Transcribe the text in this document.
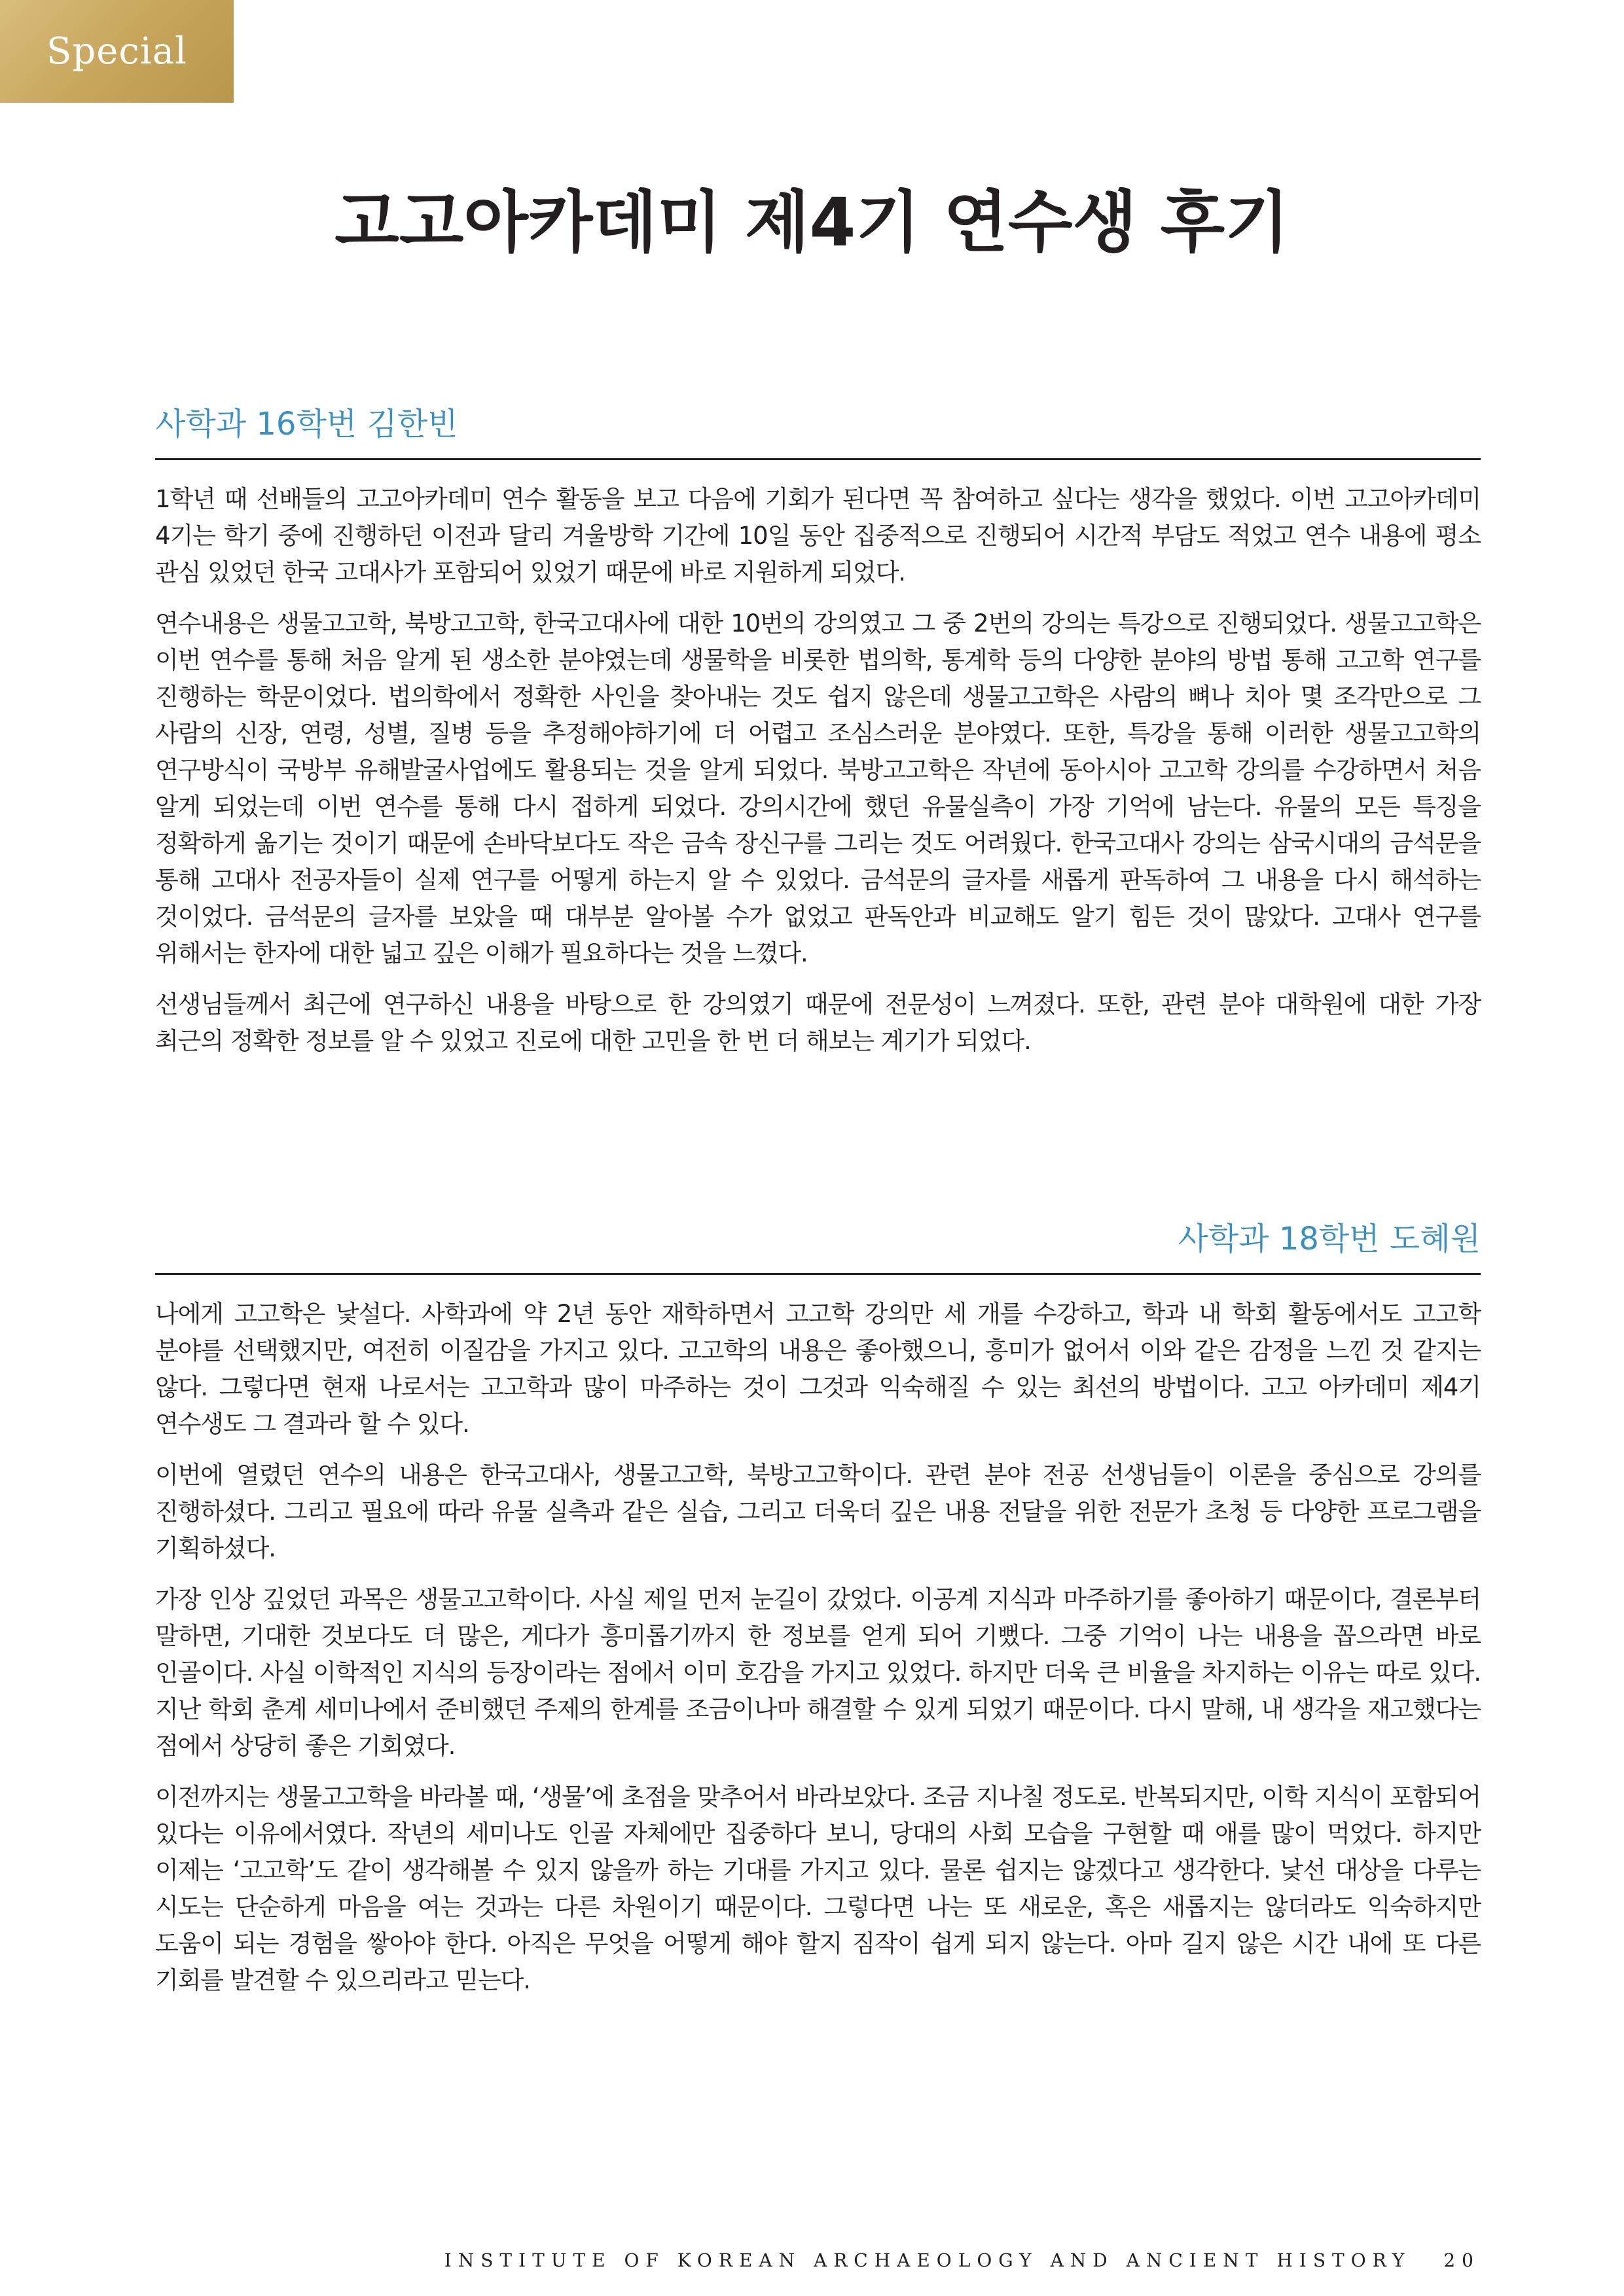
Special
고고아카데미 제4기 연수생 후기
사학과 16학번 김한빈

1학년 때 선배들의 고고아카데미 연수 활동을 보고 다음에 기회가 된다면 꼭 참여하고 싶다는 생각을 했었다. 이번 고고아카데미 4기는 학기 중에 진행하던 이전과 달리 겨울방학 기간에 10일 동안 집중적으로 진행되어 시간적 부담도 적었고 연수 내용에 평소 관심 있었던 한국 고대사가 포함되어 있었기 때문에 바로 지원하게 되었다.

연수내용은 생물고고학, 북방고고학, 한국고대사에 대한 10번의 강의였고 그 중 2번의 강의는 특강으로 진행되었다. 생물고고학은 이번 연수를 통해 처음 알게 된 생소한 분야였는데 생물학을 비롯한 법의학, 통계학 등의 다양한 분야의 방법 통해 고고학 연구를 진행하는 학문이었다. 법의학에서 정확한 사인을 찾아내는 것도 쉽지 않은데 생물고고학은 사람의 뼈나 치아 몇 조각만으로 그 사람의 신장, 연령, 성별, 질병 등을 추정해야하기에 더 어렵고 조심스러운 분야였다. 또한, 특강을 통해 이러한 생물고고학의 연구방식이 국방부 유해발굴사업에도 활용되는 것을 알게 되었다. 북방고고학은 작년에 동아시아 고고학 강의를 수강하면서 처음 알게 되었는데 이번 연수를 통해 다시 접하게 되었다. 강의시간에 했던 유물실측이 가장 기억에 남는다. 유물의 모든 특징을 정확하게 옮기는 것이기 때문에 손바닥보다도 작은 금속 장신구를 그리는 것도 어려웠다. 한국고대사 강의는 삼국시대의 금석문을 통해 고대사 전공자들이 실제 연구를 어떻게 하는지 알 수 있었다. 금석문의 글자를 새롭게 판독하여 그 내용을 다시 해석하는 것이었다. 금석문의 글자를 보았을 때 대부분 알아볼 수가 없었고 판독안과 비교해도 알기 힘든 것이 많았다. 고대사 연구를 위해서는 한자에 대한 넓고 깊은 이해가 필요하다는 것을 느꼈다.

선생님들께서 최근에 연구하신 내용을 바탕으로 한 강의였기 때문에 전문성이 느껴졌다. 또한, 관련 분야 대학원에 대한 가장 최근의 정확한 정보를 알 수 있었고 진로에 대한 고민을 한 번 더 해보는 계기가 되었다.

사학과 18학번 도혜원

나에게 고고학은 낯설다. 사학과에 약 2년 동안 재학하면서 고고학 강의만 세 개를 수강하고, 학과 내 학회 활동에서도 고고학 분야를 선택했지만, 여전히 이질감을 가지고 있다. 고고학의 내용은 좋아했으니, 흥미가 없어서 이와 같은 감정을 느낀 것 같지는 않다. 그렇다면 현재 나로서는 고고학과 많이 마주하는 것이 그것과 익숙해질 수 있는 최선의 방법이다. 고고 아카데미 제4기 연수생도 그 결과라 할 수 있다.

이번에 열렸던 연수의 내용은 한국고대사, 생물고고학, 북방고고학이다. 관련 분야 전공 선생님들이 이론을 중심으로 강의를 진행하셨다. 그리고 필요에 따라 유물 실측과 같은 실습, 그리고 더욱더 깊은 내용 전달을 위한 전문가 초청 등 다양한 프로그램을 기획하셨다.

가장 인상 깊었던 과목은 생물고고학이다. 사실 제일 먼저 눈길이 갔었다. 이공계 지식과 마주하기를 좋아하기 때문이다, 결론부터 말하면, 기대한 것보다도 더 많은, 게다가 흥미롭기까지 한 정보를 얻게 되어 기뻤다. 그중 기억이 나는 내용을 꼽으라면 바로 인골이다. 사실 이학적인 지식의 등장이라는 점에서 이미 호감을 가지고 있었다. 하지만 더욱 큰 비율을 차지하는 이유는 따로 있다. 지난 학회 춘계 세미나에서 준비했던 주제의 한계를 조금이나마 해결할 수 있게 되었기 때문이다. 다시 말해, 내 생각을 재고했다는 점에서 상당히 좋은 기회였다.

이전까지는 생물고고학을 바라볼 때, ‘생물’에 초점을 맞추어서 바라보았다. 조금 지나칠 정도로. 반복되지만, 이학 지식이 포함되어 있다는 이유에서였다. 작년의 세미나도 인골 자체에만 집중하다 보니, 당대의 사회 모습을 구현할 때 애를 많이 먹었다. 하지만 이제는 ‘고고학’도 같이 생각해볼 수 있지 않을까 하는 기대를 가지고 있다. 물론 쉽지는 않겠다고 생각한다. 낯선 대상을 다루는 시도는 단순하게 마음을 여는 것과는 다른 차원이기 때문이다. 그렇다면 나는 또 새로운, 혹은 새롭지는 않더라도 익숙하지만 도움이 되는 경험을 쌓아야 한다. 아직은 무엇을 어떻게 해야 할지 짐작이 쉽게 되지 않는다. 아마 길지 않은 시간 내에 또 다른 기회를 발견할 수 있으리라고 믿는다.

INSTITUTE OF KOREAN ARCHAEOLOGY AND ANCIENT HISTORY 20
